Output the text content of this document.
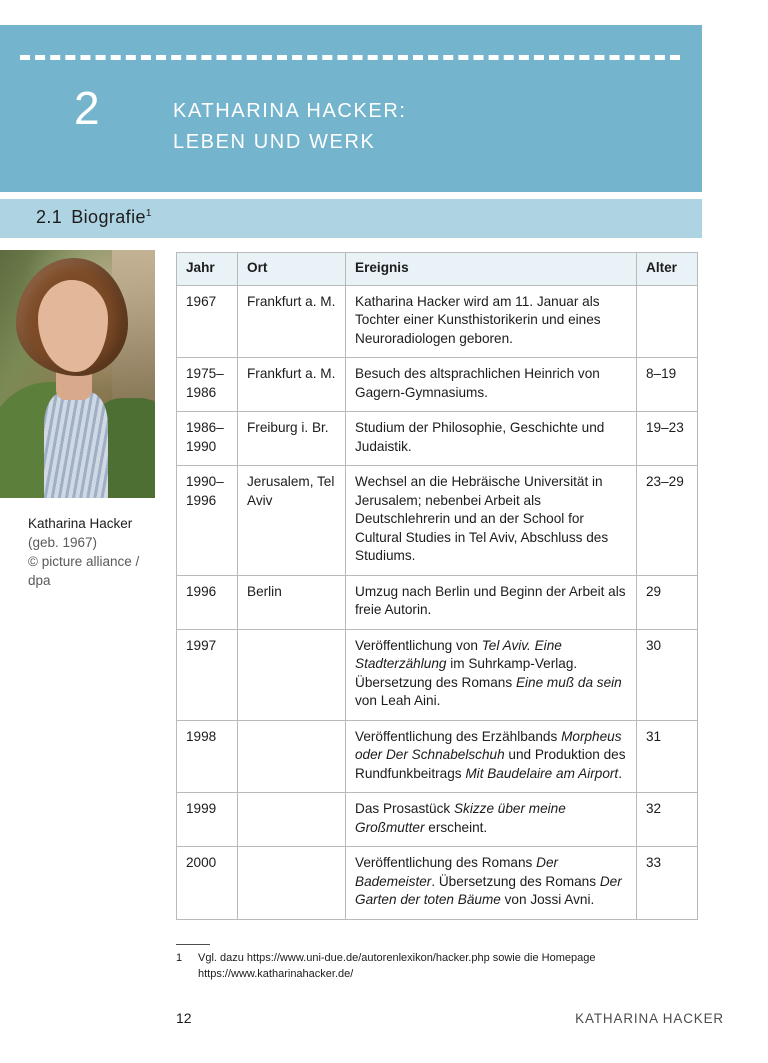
2	KATHARINA HACKER:
LEBEN UND WERK
2.1 Biografie$^1$
Katharina Hacker
(geb. 1967)
© picture alliance /
dpa
Jahr	Ort	Ereignis	Alter
1967	Frankfurt a. M.	Katharina Hacker wird am 11. Januar als Tochter einer Kunsthistorikerin und eines Neuroradiologen geboren.	
1975–1986	Frankfurt a. M.	Besuch des altsprachlichen Heinrich von Gagern-Gymnasiums.	8–19
1986–1990	Freiburg i. Br.	Studium der Philosophie, Geschichte und Judaistik.	19–23
1990–1996	Jerusalem, Tel Aviv	Wechsel an die Hebräische Universität in Jerusalem; nebenbei Arbeit als Deutschlehrerin und an der School for Cultural Studies in Tel Aviv, Abschluss des Studiums.	23–29
1996	Berlin	Umzug nach Berlin und Beginn der Arbeit als freie Autorin.	29
1997		Veröffentlichung von Tel Aviv. Eine Stadterzählung im Suhrkamp-Verlag. Übersetzung des Romans Eine muß da sein von Leah Aini.	30
1998		Veröffentlichung des Erzählbands Morpheus oder Der Schnabelschuh und Produktion des Rundfunkbeitrags Mit Baudelaire am Airport.	31
1999		Das Prosastück Skizze über meine Großmutter erscheint.	32
2000		Veröffentlichung des Romans Der Bademeister. Übersetzung des Romans Der Garten der toten Bäume von Jossi Avni.	33
1 Vgl. dazu https://www.uni-due.de/autorenlexikon/hacker.php sowie die Homepage
https://www.katharinahacker.de/
12	KATHARINA HACKER
